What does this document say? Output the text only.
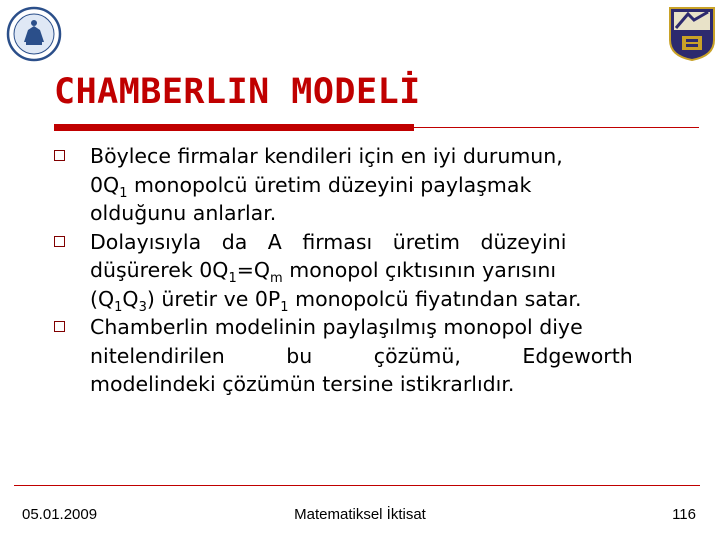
CHAMBERLIN MODELİ
Böylece firmalar kendileri için en iyi durumun,
$0Q_1$ monopolcü üretim düzeyini paylaşmak
olduğunu anlarlar.
Dolayısıyla da A firması üretim düzeyini
düşürerek $0Q_1=Q_m$ monopol çıktısının yarısını
$(Q_1Q_3)$ üretir ve $0P_1$ monopolcü fiyatından satar.
Chamberlin modelinin paylaşılmış monopol diye
nitelendirilen bu çözümü, Edgeworth
modelindeki çözümün tersine istikrarlıdır.
05.01.2009	Matematiksel İktisat	116
